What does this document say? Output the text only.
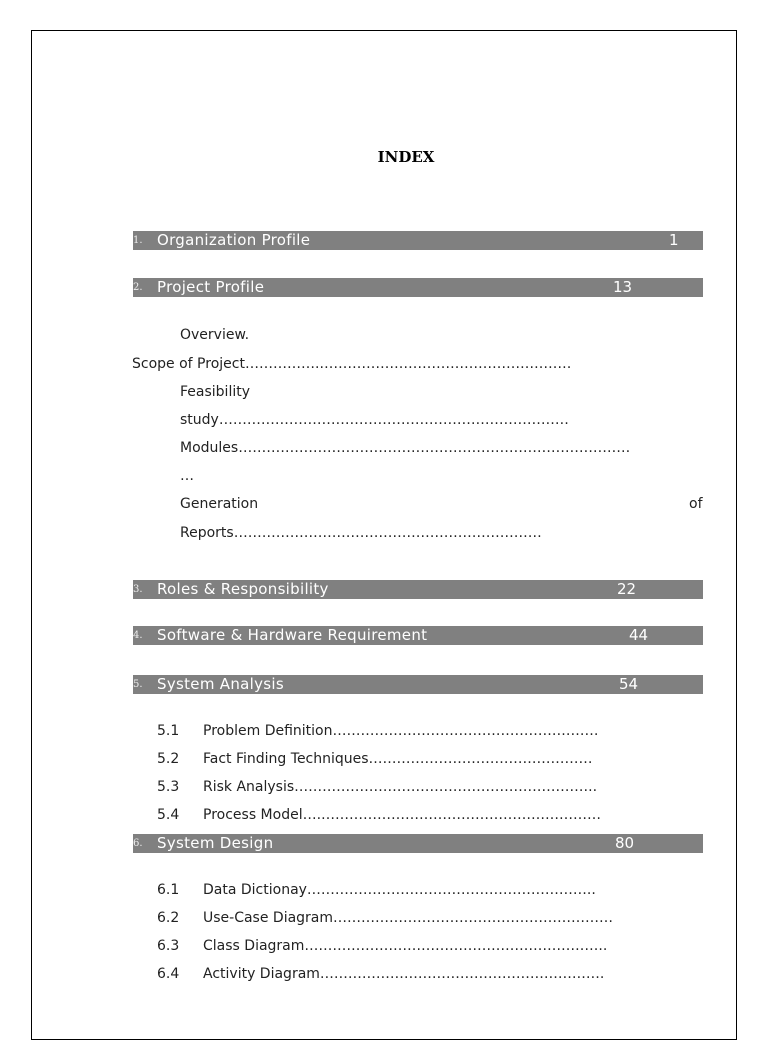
INDEX
1. Organization Profile	1
2. Project Profile	13
Overview.
Scope of Project…………….………………………………………………
Feasibility
study…………………………………………………………………
Modules…………………………………………………………………………
…
Generation	of
Reports…………………………………………………………
3. Roles & Responsibility	22
4. Software & Hardware Requirement	44
5. System Analysis	54
5.1 Problem Definition…………………………………………………
5.2 Fact Finding Techniques…………………………………………
5.3 Risk Analysis………………………………………………………..
5.4 Process Model….……………………………………………………
6. System Design	80
6.1 Data Dictionay……………………………………………………..
6.2 Use-Case Diagram……………………………………………………
6.3 Class Diagram………………………………………………………..
6.4 Activity Diagram…………………………………………………….
